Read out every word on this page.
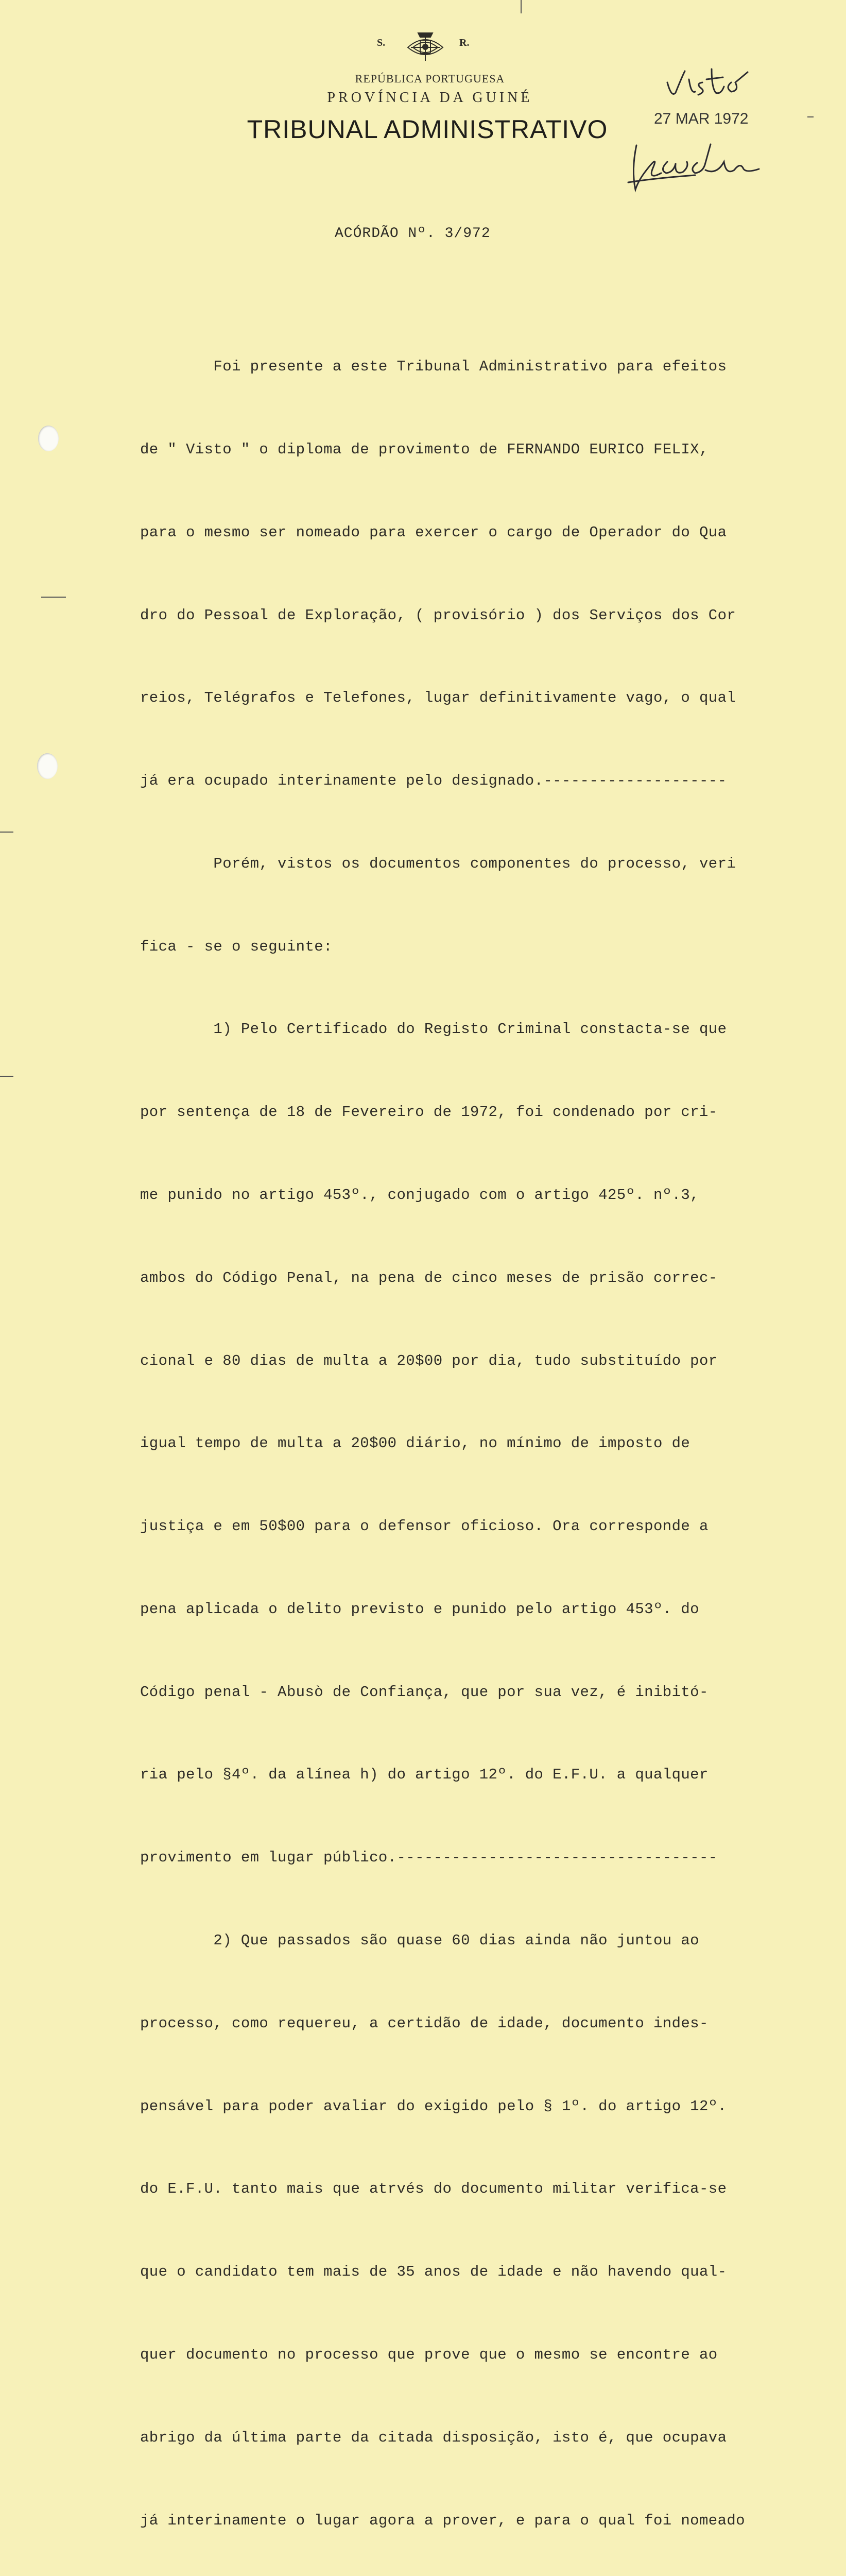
S.	R.
REPÚBLICA PORTUGUESA
PROVÍNCIA DA GUINÉ
TRIBUNAL ADMINISTRATIVO	27 MAR 1972
ACÓRDÃO Nº. 3/972

Foi presente a este Tribunal Administrativo para efeitos

de " Visto " o diploma de provimento de FERNANDO EURICO FELIX,

para o mesmo ser nomeado para exercer o cargo de Operador do Qua

dro do Pessoal de Exploração, ( provisório ) dos Serviços dos Cor

reios, Telégrafos e Telefones, lugar definitivamente vago, o qual

já era ocupado interinamente pelo designado.--------------------

Porém, vistos os documentos componentes do processo, veri

fica - se o seguinte:

1) Pelo Certificado do Registo Criminal constacta-se que

por sentença de 18 de Fevereiro de 1972, foi condenado por cri-

me punido no artigo 453º., conjugado com o artigo 425º. nº.3,

ambos do Código Penal, na pena de cinco meses de prisão correc-

cional e 80 dias de multa a 20$00 por dia, tudo substituído por

igual tempo de multa a 20$00 diário, no mínimo de imposto de

justiça e em 50$00 para o defensor oficioso. Ora corresponde a

pena aplicada o delito previsto e punido pelo artigo 453º. do

Código penal - Abusò de Confiança, que por sua vez, é inibitó-

ria pelo §4º. da alínea h) do artigo 12º. do E.F.U. a qualquer

provimento em lugar público.-----------------------------------

2) Que passados são quase 60 dias ainda não juntou ao

processo, como requereu, a certidão de idade, documento indes-

pensável para poder avaliar do exigido pelo § 1º. do artigo 12º.

do E.F.U. tanto mais que atrvés do documento militar verifica-se

que o candidato tem mais de 35 anos de idade e não havendo qual-

quer documento no processo que prove que o mesmo se encontre ao

abrigo da última parte da citada disposição, isto é, que ocupava

já interinamente o lugar agora a prover, e para o qual foi nomeado
